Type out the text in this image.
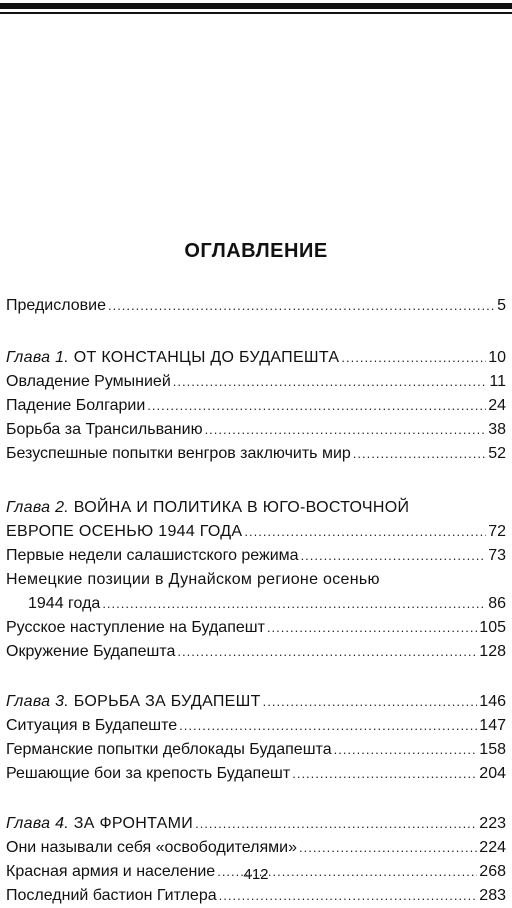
ОГЛАВЛЕНИЕ
Предисловие .....	5
Глава 1. ОТ КОНСТАНЦЫ ДО БУДАПЕШТА .....	10
Овладение Румынией .....	11
Падение Болгарии .....	24
Борьба за Трансильванию .....	38
Безуспешные попытки венгров заключить мир .....	52
Глава 2. ВОЙНА И ПОЛИТИКА В ЮГО-ВОСТОЧНОЙ
ЕВРОПЕ ОСЕНЬЮ 1944 ГОДА .....	72
Первые недели салашистского режима .....	73
Немецкие позиции в Дунайском регионе осенью
1944 года .....	86
Русское наступление на Будапешт .....	105
Окружение Будапешта .....	128
Глава 3. БОРЬБА ЗА БУДАПЕШТ .....	146
Ситуация в Будапеште .....	147
Германские попытки деблокады Будапешта .....	158
Решающие бои за крепость Будапешт .....	204
Глава 4. ЗА ФРОНТАМИ .....	223
Они называли себя «освободителями» .....	224
Красная армия и население .....	268
Последний бастион Гитлера .....	283
412
